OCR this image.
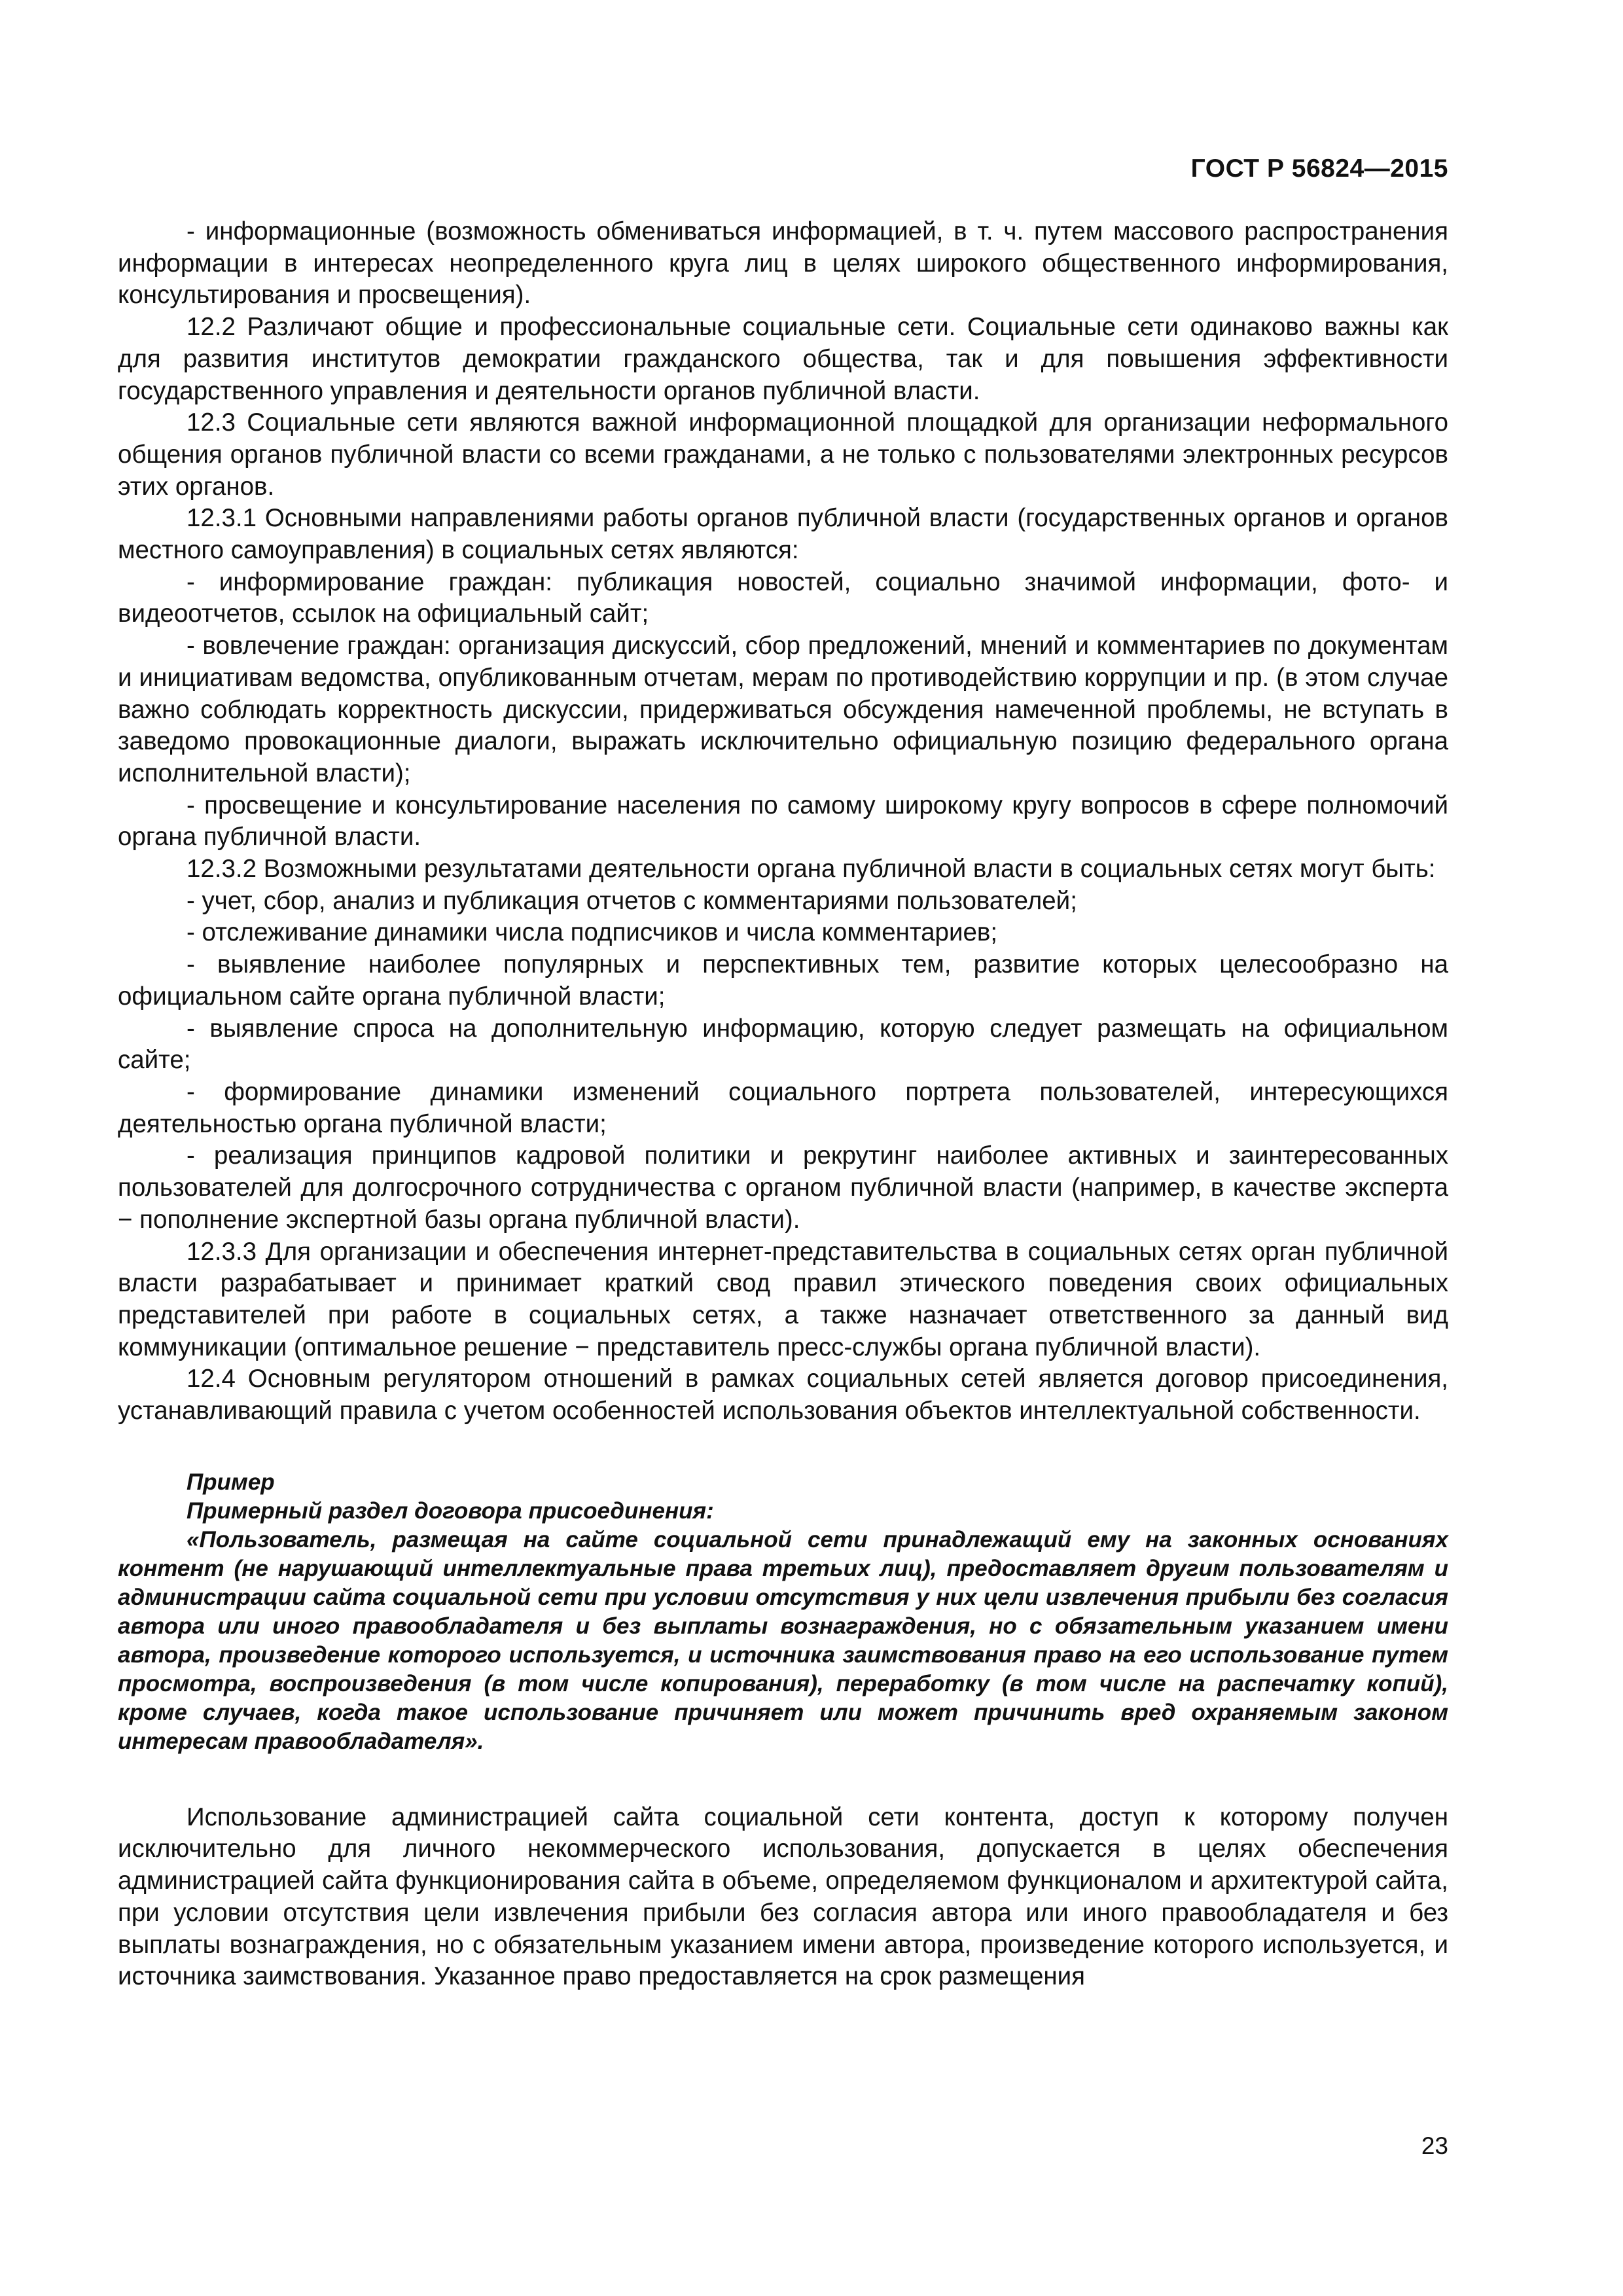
ГОСТ Р 56824—2015

- информационные (возможность обмениваться информацией, в т. ч. путем массового распространения информации в интересах неопределенного круга лиц в целях широкого общественного информирования, консультирования и просвещения).

12.2 Различают общие и профессиональные социальные сети. Социальные сети одинаково важны как для развития институтов демократии гражданского общества, так и для повышения эффективности государственного управления и деятельности органов публичной власти.

12.3 Социальные сети являются важной информационной площадкой для организации неформального общения органов публичной власти со всеми гражданами, а не только с пользователями электронных ресурсов этих органов.

12.3.1 Основными направлениями работы органов публичной власти (государственных органов и органов местного самоуправления) в социальных сетях являются:

- информирование граждан: публикация новостей, социально значимой информации, фото- и видеоотчетов, ссылок на официальный сайт;

- вовлечение граждан: организация дискуссий, сбор предложений, мнений и комментариев по документам и инициативам ведомства, опубликованным отчетам, мерам по противодействию коррупции и пр. (в этом случае важно соблюдать корректность дискуссии, придерживаться обсуждения намеченной проблемы, не вступать в заведомо провокационные диалоги, выражать исключительно официальную позицию федерального органа исполнительной власти);

- просвещение и консультирование населения по самому широкому кругу вопросов в сфере полномочий органа публичной власти.

12.3.2 Возможными результатами деятельности органа публичной власти в социальных сетях могут быть:

- учет, сбор, анализ и публикация отчетов с комментариями пользователей;

- отслеживание динамики числа подписчиков и числа комментариев;

- выявление наиболее популярных и перспективных тем, развитие которых целесообразно на официальном сайте органа публичной власти;

- выявление спроса на дополнительную информацию, которую следует размещать на официальном сайте;

- формирование динамики изменений социального портрета пользователей, интересующихся деятельностью органа публичной власти;

- реализация принципов кадровой политики и рекрутинг наиболее активных и заинтересованных пользователей для долгосрочного сотрудничества с органом публичной власти (например, в качестве эксперта − пополнение экспертной базы органа публичной власти).

12.3.3 Для организации и обеспечения интернет-представительства в социальных сетях орган публичной власти разрабатывает и принимает краткий свод правил этического поведения своих официальных представителей при работе в социальных сетях, а также назначает ответственного за данный вид коммуникации (оптимальное решение − представитель пресс-службы органа публичной власти).

12.4 Основным регулятором отношений в рамках социальных сетей является договор присоединения, устанавливающий правила с учетом особенностей использования объектов интеллектуальной собственности.

Пример

Примерный раздел договора присоединения:

«Пользователь, размещая на сайте социальной сети принадлежащий ему на законных основаниях контент (не нарушающий интеллектуальные права третьих лиц), предоставляет другим пользователям и администрации сайта социальной сети при условии отсутствия у них цели извлечения прибыли без согласия автора или иного правообладателя и без выплаты вознаграждения, но с обязательным указанием имени автора, произведение которого используется, и источника заимствования право на его использование путем просмотра, воспроизведения (в том числе копирования), переработку (в том числе на распечатку копий), кроме случаев, когда такое использование причиняет или может причинить вред охраняемым законом интересам правообладателя».

Использование администрацией сайта социальной сети контента, доступ к которому получен исключительно для личного некоммерческого использования, допускается в целях обеспечения администрацией сайта функционирования сайта в объеме, определяемом функционалом и архитектурой сайта, при условии отсутствия цели извлечения прибыли без согласия автора или иного правообладателя и без выплаты вознаграждения, но с обязательным указанием имени автора, произведение которого используется, и источника заимствования. Указанное право предоставляется на срок размещения

23
